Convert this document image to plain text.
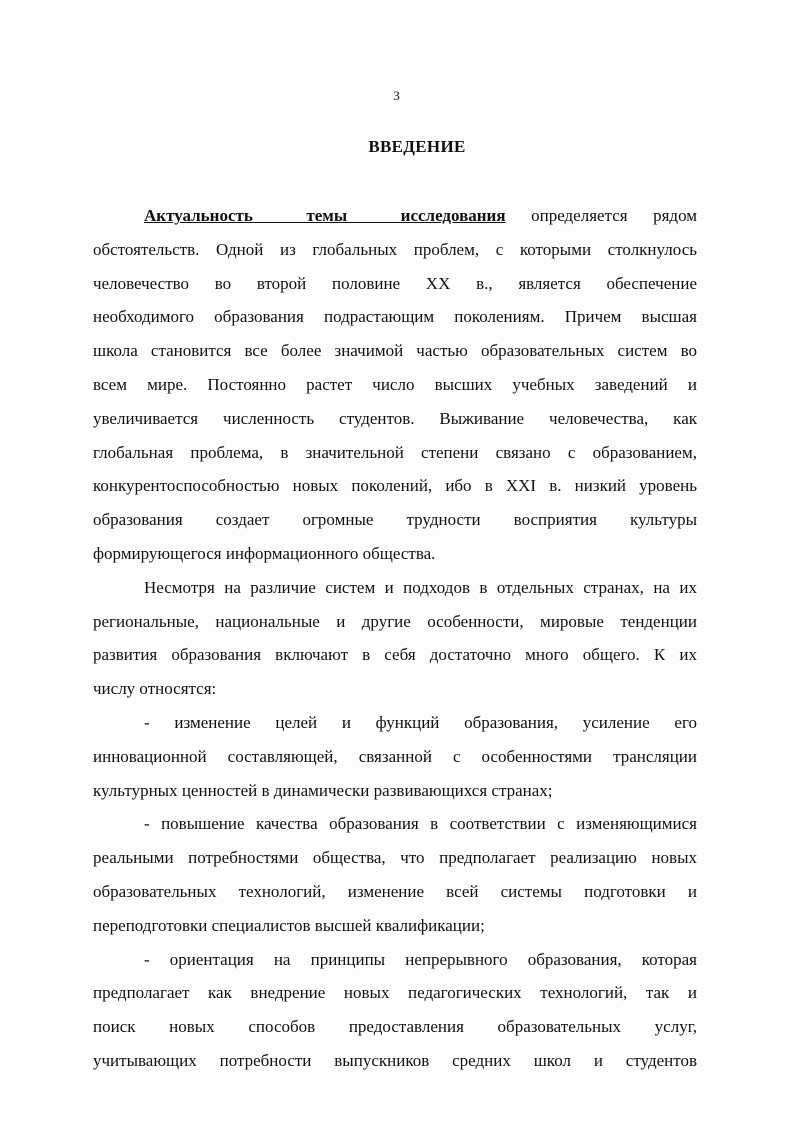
3
ВВЕДЕНИЕ
Актуальность темы исследования определяется рядом
обстоятельств. Одной из глобальных проблем, с которыми столкнулось
человечество во второй половине XX в., является обеспечение
необходимого образования подрастающим поколениям. Причем высшая
школа становится все более значимой частью образовательных систем во
всем мире. Постоянно растет число высших учебных заведений и
увеличивается численность студентов. Выживание человечества, как
глобальная проблема, в значительной степени связано с образованием,
конкурентоспособностью новых поколений, ибо в XXI в. низкий уровень
образования создает огромные трудности восприятия культуры
формирующегося информационного общества.
Несмотря на различие систем и подходов в отдельных странах, на их
региональные, национальные и другие особенности, мировые тенденции
развития образования включают в себя достаточно много общего. К их
числу относятся:
- изменение целей и функций образования, усиление его
инновационной составляющей, связанной с особенностями трансляции
культурных ценностей в динамически развивающихся странах;
- повышение качества образования в соответствии с изменяющимися
реальными потребностями общества, что предполагает реализацию новых
образовательных технологий, изменение всей системы подготовки и
переподготовки специалистов высшей квалификации;
- ориентация на принципы непрерывного образования, которая
предполагает как внедрение новых педагогических технологий, так и
поиск новых способов предоставления образовательных услуг,
учитывающих потребности выпускников средних школ и студентов
